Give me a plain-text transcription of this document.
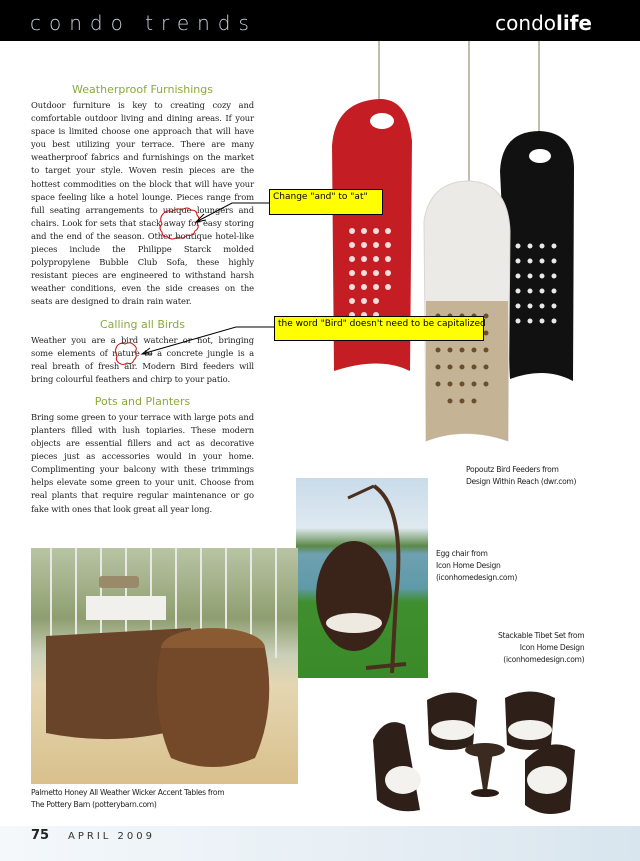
condo trends	condolife
Weatherproof Furnishings

Outdoor furniture is key to creating cozy and comfortable outdoor living and dining areas. If your space is limited choose one approach that will have you best utilizing your terrace. There are many weatherproof fabrics and furnishings on the market to target your style. Woven resin pieces are the hottest commodities on the block that will have your space feeling like a hotel lounge. Pieces range from full seating arrangements to unique loungers and chairs. Look for sets that stack away for easy storing and the end of the season. Other boutique hotel-like pieces include the Philippe Starck molded polypropylene Bubble Club Sofa, these highly resistant pieces are engineered to withstand harsh weather conditions, even the side creases on the seats are designed to drain rain water.

Calling all Birds

Weather you are a bird watcher or not, bringing some elements of nature to a concrete jungle is a real breath of fresh air. Modern Bird feeders will bring colourful feathers and chirp to your patio.

Pots and Planters

Bring some green to your terrace with large pots and planters filled with lush topiaries. These modern objects are essential fillers and act as decorative pieces just as accessories would in your home. Complimenting your balcony with these trimmings helps elevate some green to your unit. Choose from real plants that require regular maintenance or go fake with ones that look great all year long.

Popoutz Bird Feeders from
Design Within Reach (dwr.com)
Egg chair from
Icon Home Design
(iconhomedesign.com)
Palmetto Honey All Weather Wicker Accent Tables from
The Pottery Barn (potterybarn.com)
Stackable Tibet Set from
Icon Home Design
(iconhomedesign.com)
Change "and" to "at"
the word "Bird" doesn't need to be capitalized
75 APRIL 2009
